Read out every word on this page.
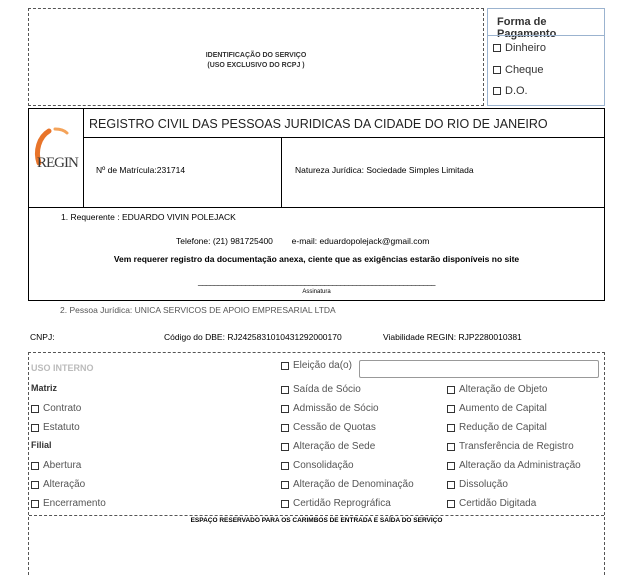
IDENTIFICAÇÃO DO SERVIÇO
(USO EXCLUSIVO DO RCPJ )
Forma de Pagamento
Dinheiro
Cheque
D.O.
REGIN
REGISTRO CIVIL DAS PESSOAS JURIDICAS DA CIDADE DO RIO DE JANEIRO
Nº de Matrícula:231714	Natureza Jurídica: Sociedade Simples Limitada
1. Requerente : EDUARDO VIVIN POLEJACK
Telefone: (21) 981725400 e-mail: eduardopolejack@gmail.com
Vem requerer registro da documentação anexa, ciente que as exigências estarão disponíveis no site
____________________________________________________________
Assinatura
2. Pessoa Jurídica: UNICA SERVICOS DE APOIO EMPRESARIAL LTDA
CNPJ:	Código do DBE: RJ242583101043129200017​0	Viabilidade REGIN: RJP2280010381
USO INTERNO	Eleição da(o)
Matriz
Contrato
Estatuto
Filial
Abertura
Alteração
Encerramento
Saída de Sócio
Admissão de Sócio
Cessão de Quotas
Alteração de Sede
Consolidação
Alteração de Denominação
Certidão Reprográfica
Alteração de Objeto
Aumento de Capital
Redução de Capital
Transferência de Registro
Alteração da Administração
Dissolução
Certidão Digitada
ESPAÇO RESERVADO PARA OS CARIMBOS DE ENTRADA E SAÍDA DO SERVIÇO
